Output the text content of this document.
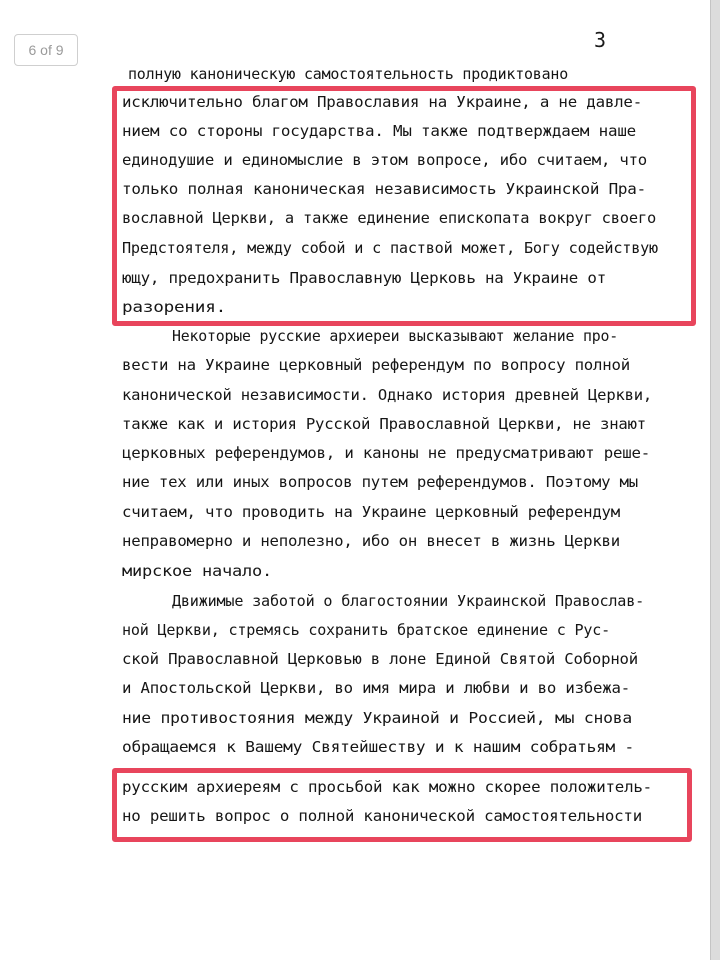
6 of 9	3
полную каноническую самостоятельность продиктовано
исключительно благом Православия на Украине, а не давле-
нием со стороны государства. Мы также подтверждаем наше
единодушие и единомыслие в этом вопросе, ибо считаем, что
только полная каноническая независимость Украинской Пра-
вославной Церкви, а также единение епископата вокруг своего
Предстоятеля, между собой и с паствой может, Богу содействую
ющу, предохранить Православную Церковь на Украине от
разорения.
Некоторые русские архиереи высказывают желание про-
вести на Украине церковный референдум по вопросу полной
канонической независимости. Однако история древней Церкви,
также как и история Русской Православной Церкви, не знают
церковных референдумов, и каноны не предусматривают реше-
ние тех или иных вопросов путем референдумов. Поэтому мы
считаем, что проводить на Украине церковный референдум
неправомерно и неполезно, ибо он внесет в жизнь Церкви
мирское начало.
Движимые заботой о благостоянии Украинской Православ-
ной Церкви, стремясь сохранить братское единение с Рус-
ской Православной Церковью в лоне Единой Святой Соборной
и Апостольской Церкви, во имя мира и любви и во избежа-
ние противостояния между Украиной и Россией, мы снова
обращаемся к Вашему Святейшеству и к нашим собратьям -
русским архиереям с просьбой как можно скорее положитель-
но решить вопрос о полной канонической самостоятельности
